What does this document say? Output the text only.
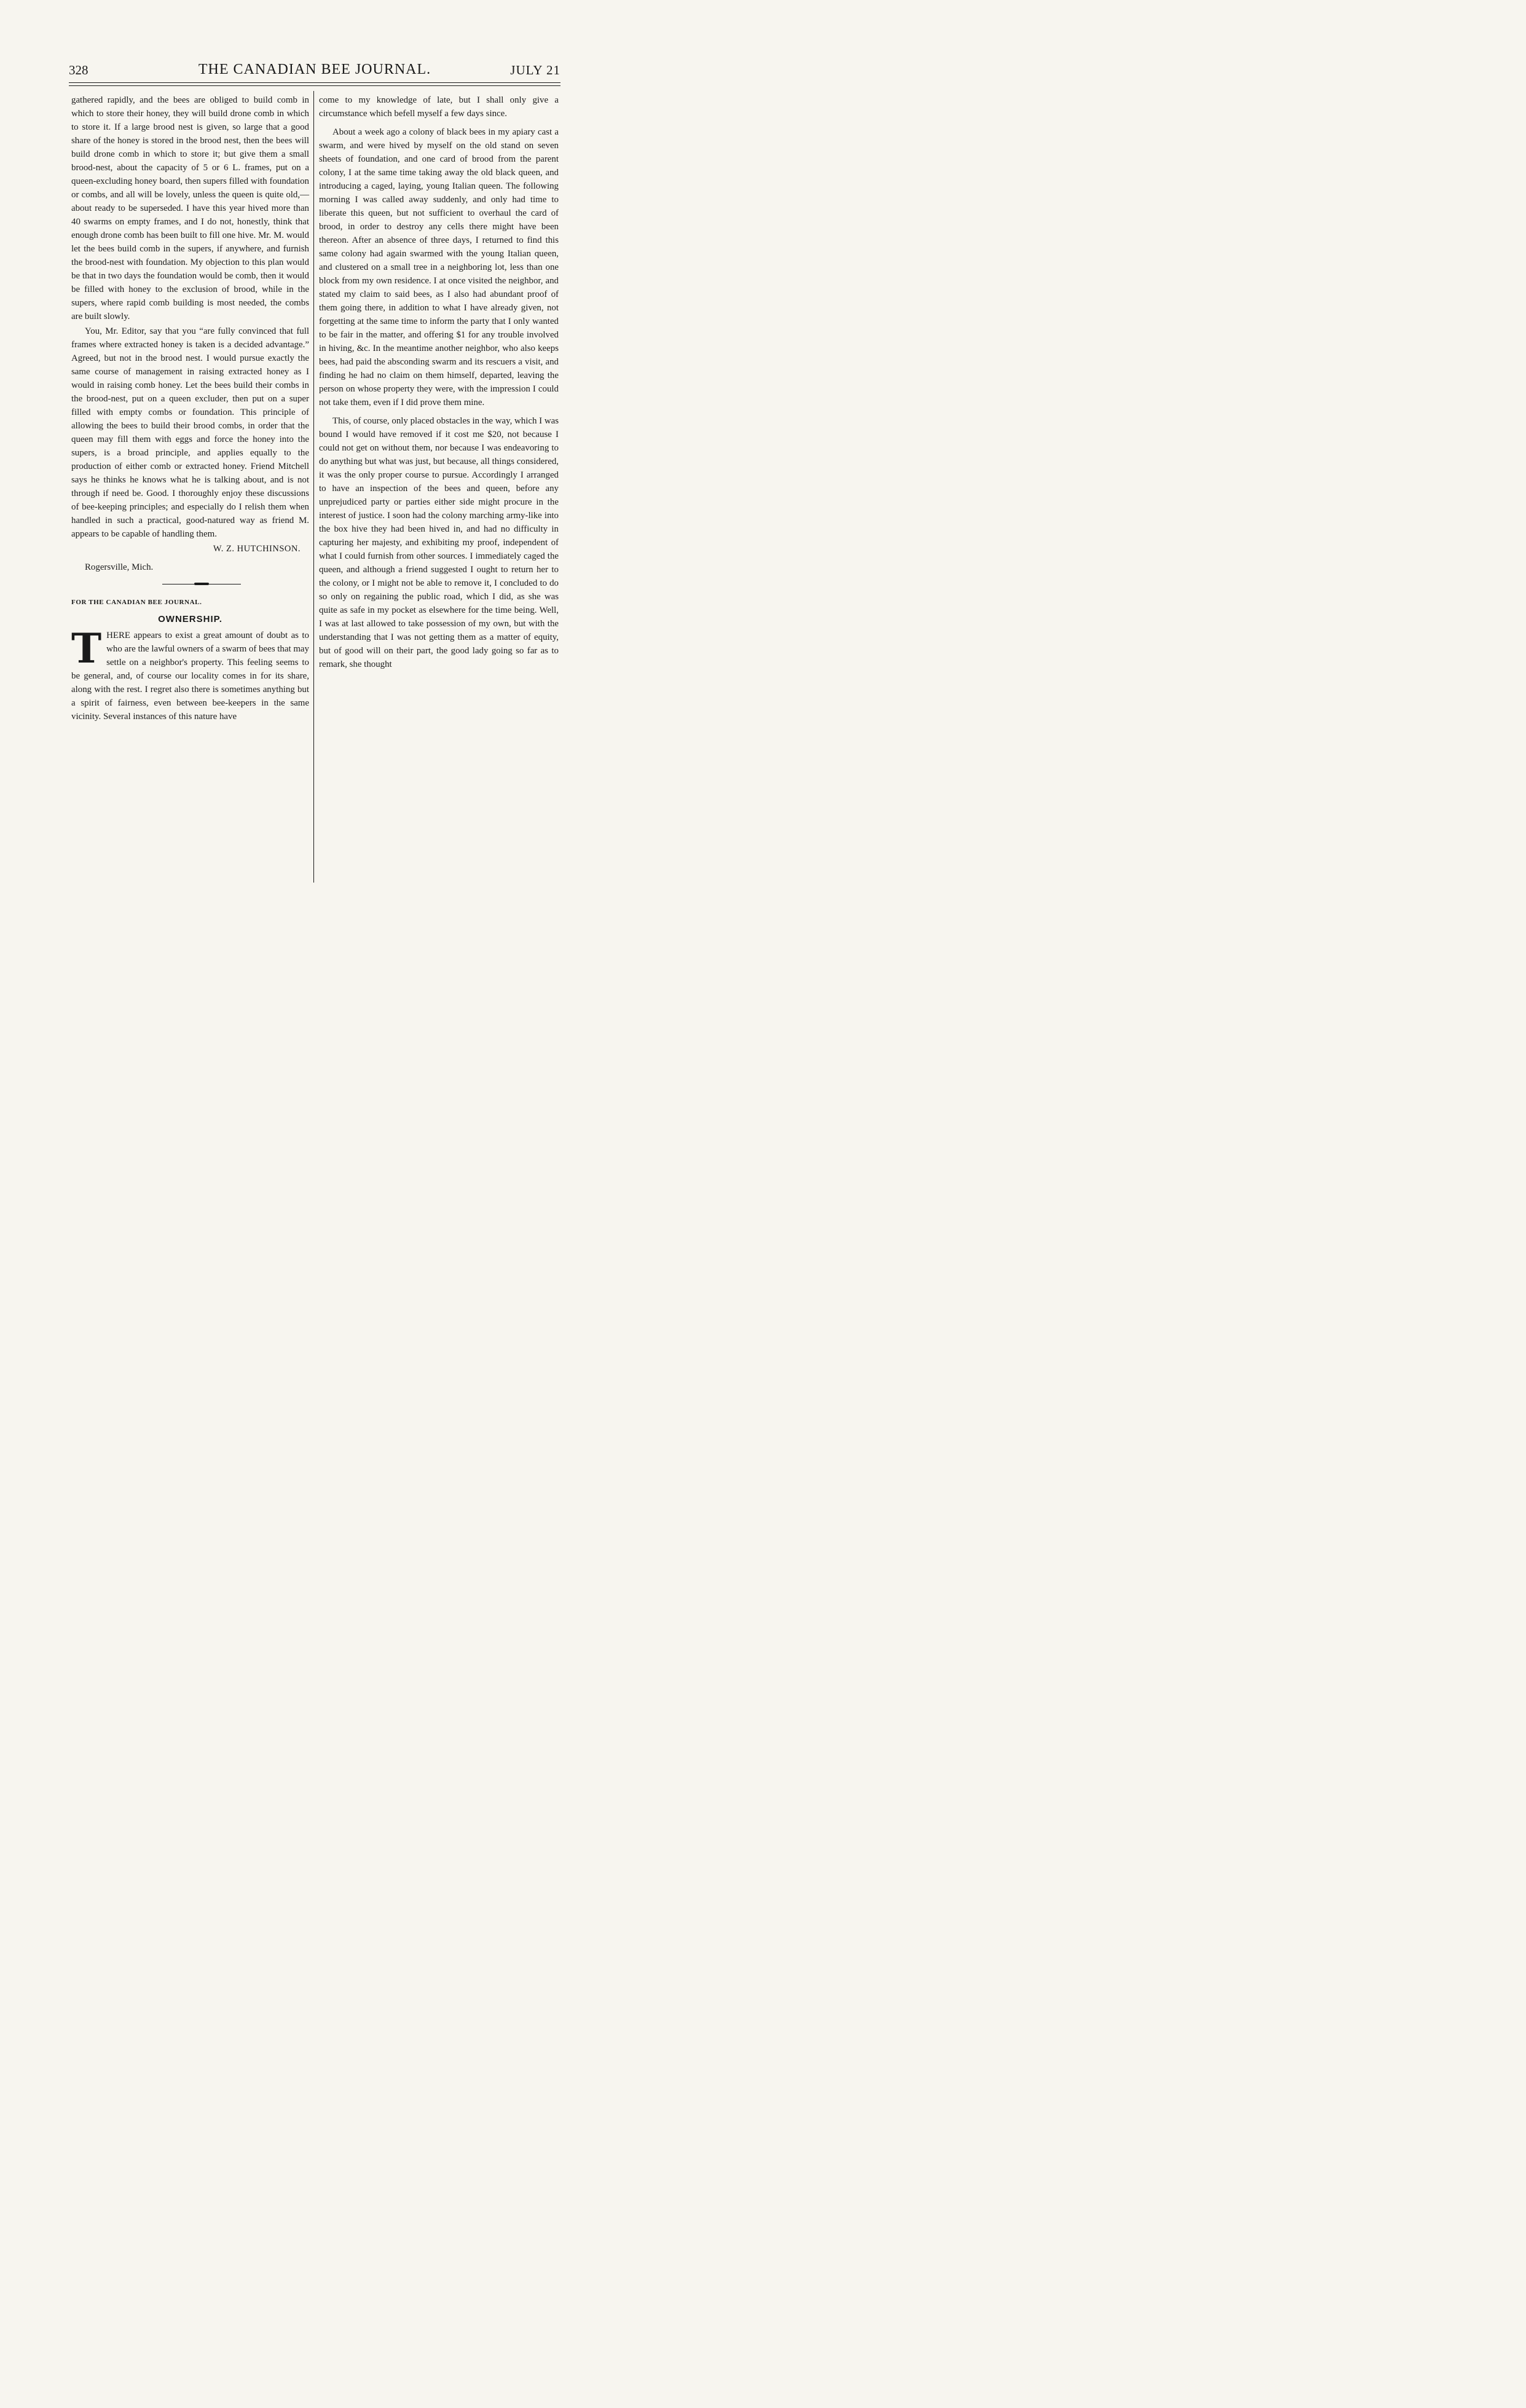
328	THE CANADIAN BEE JOURNAL.	JULY 21

gathered rapidly, and the bees are obliged to build comb in which to store their honey, they will build drone comb in which to store it. If a large brood nest is given, so large that a good share of the honey is stored in the brood nest, then the bees will build drone comb in which to store it; but give them a small brood-nest, about the capacity of 5 or 6 L. frames, put on a queen-excluding honey board, then supers filled with foundation or combs, and all will be lovely, unless the queen is quite old,—about ready to be superseded. I have this year hived more than 40 swarms on empty frames, and I do not, honestly, think that enough drone comb has been built to fill one hive. Mr. M. would let the bees build comb in the supers, if anywhere, and furnish the brood-nest with foundation. My objection to this plan would be that in two days the foundation would be comb, then it would be filled with honey to the exclusion of brood, while in the supers, where rapid comb building is most needed, the combs are built slowly.

You, Mr. Editor, say that you “are fully convinced that full frames where extracted honey is taken is a decided advantage.” Agreed, but not in the brood nest. I would pursue exactly the same course of management in raising extracted honey as I would in raising comb honey. Let the bees build their combs in the brood-nest, put on a queen excluder, then put on a super filled with empty combs or foundation. This principle of allowing the bees to build their brood combs, in order that the queen may fill them with eggs and force the honey into the supers, is a broad principle, and applies equally to the production of either comb or extracted honey. Friend Mitchell says he thinks he knows what he is talking about, and is not through if need be. Good. I thoroughly enjoy these discussions of bee-keeping principles; and especially do I relish them when handled in such a practical, good-natured way as friend M. appears to be capable of handling them.

W. Z. HUTCHINSON.
Rogersville, Mich.
FOR THE CANADIAN BEE JOURNAL.
OWNERSHIP.

THERE appears to exist a great amount of doubt as to who are the lawful owners of a swarm of bees that may settle on a neighbor's property. This feeling seems to be general, and, of course our locality comes in for its share, along with the rest. I regret also there is sometimes anything but a spirit of fairness, even between bee-keepers in the same vicinity. Several instances of this nature have

come to my knowledge of late, but I shall only give a circumstance which befell myself a few days since.

About a week ago a colony of black bees in my apiary cast a swarm, and were hived by myself on the old stand on seven sheets of foundation, and one card of brood from the parent colony, I at the same time taking away the old black queen, and introducing a caged, laying, young Italian queen. The following morning I was called away suddenly, and only had time to liberate this queen, but not sufficient to overhaul the card of brood, in order to destroy any cells there might have been thereon. After an absence of three days, I returned to find this same colony had again swarmed with the young Italian queen, and clustered on a small tree in a neighboring lot, less than one block from my own residence. I at once visited the neighbor, and stated my claim to said bees, as I also had abundant proof of them going there, in addition to what I have already given, not forgetting at the same time to inform the party that I only wanted to be fair in the matter, and offering $1 for any trouble involved in hiving, &c. In the meantime another neighbor, who also keeps bees, had paid the absconding swarm and its rescuers a visit, and finding he had no claim on them himself, departed, leaving the person on whose property they were, with the impression I could not take them, even if I did prove them mine.

This, of course, only placed obstacles in the way, which I was bound I would have removed if it cost me $20, not because I could not get on without them, nor because I was endeavoring to do anything but what was just, but because, all things considered, it was the only proper course to pursue. Accordingly I arranged to have an inspection of the bees and queen, before any unprejudiced party or parties either side might procure in the interest of justice. I soon had the colony marching army-like into the box hive they had been hived in, and had no difficulty in capturing her majesty, and exhibiting my proof, independent of what I could furnish from other sources. I immediately caged the queen, and although a friend suggested I ought to return her to the colony, or I might not be able to remove it, I concluded to do so only on regaining the public road, which I did, as she was quite as safe in my pocket as elsewhere for the time being. Well, I was at last allowed to take possession of my own, but with the understanding that I was not getting them as a matter of equity, but of good will on their part, the good lady going so far as to remark, she thought
